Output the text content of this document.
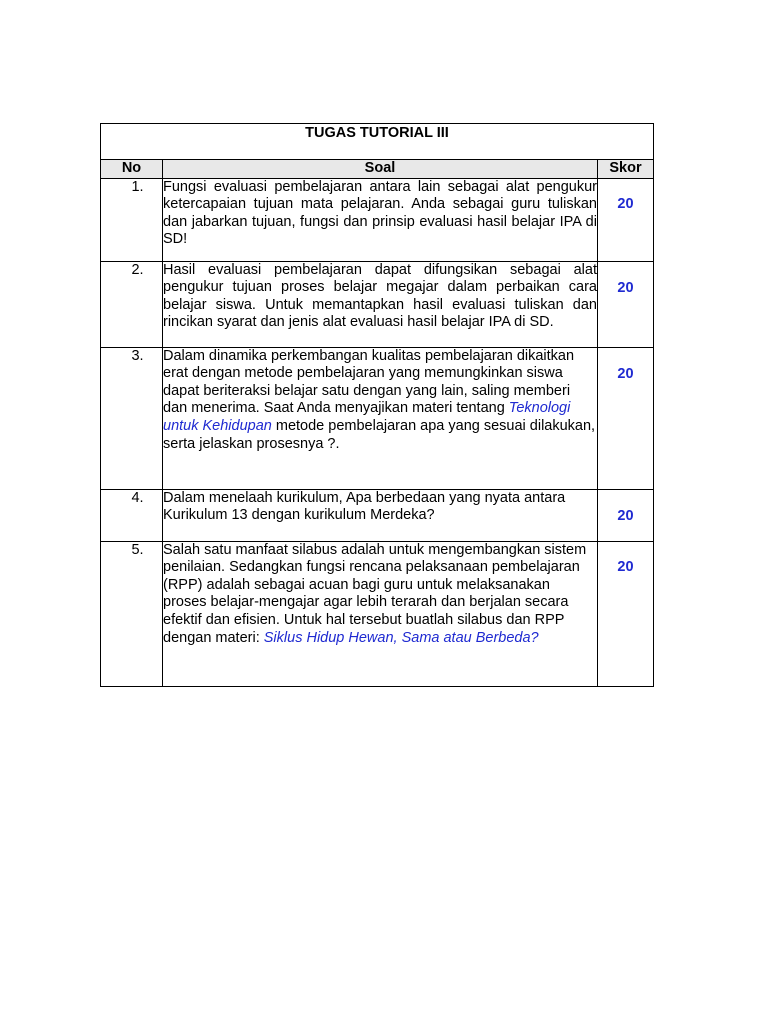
TUGAS TUTORIAL III		

No	Soal	Skor

1.	Fungsi evaluasi pembelajaran antara lain sebagai alat pengukur ketercapaian tujuan mata pelajaran. Anda sebagai guru tuliskan dan jabarkan tujuan, fungsi dan prinsip evaluasi hasil belajar IPA di SD!	20

2.	Hasil evaluasi pembelajaran dapat difungsikan sebagai alat pengukur tujuan proses belajar megajar dalam perbaikan cara belajar siswa. Untuk memantapkan hasil evaluasi tuliskan dan rincikan syarat dan jenis alat evaluasi hasil belajar IPA di SD.	20

3.	Dalam dinamika perkembangan kualitas pembelajaran dikaitkan erat dengan metode pembelajaran yang memungkinkan siswa dapat beriteraksi belajar satu dengan yang lain, saling memberi dan menerima. Saat Anda menyajikan materi tentang Teknologi untuk Kehidupan metode pembelajaran apa yang sesuai dilakukan, serta jelaskan prosesnya ?.	20

4.	Dalam menelaah kurikulum, Apa berbedaan yang nyata antara Kurikulum 13 dengan kurikulum Merdeka?	20

5.	Salah satu manfaat silabus adalah untuk mengembangkan sistem penilaian. Sedangkan fungsi rencana pelaksanaan pembelajaran (RPP) adalah sebagai acuan bagi guru untuk melaksanakan proses belajar-mengajar agar lebih terarah dan berjalan secara efektif dan efisien. Untuk hal tersebut buatlah silabus dan RPP dengan materi: Siklus Hidup Hewan, Sama atau Berbeda?	20
